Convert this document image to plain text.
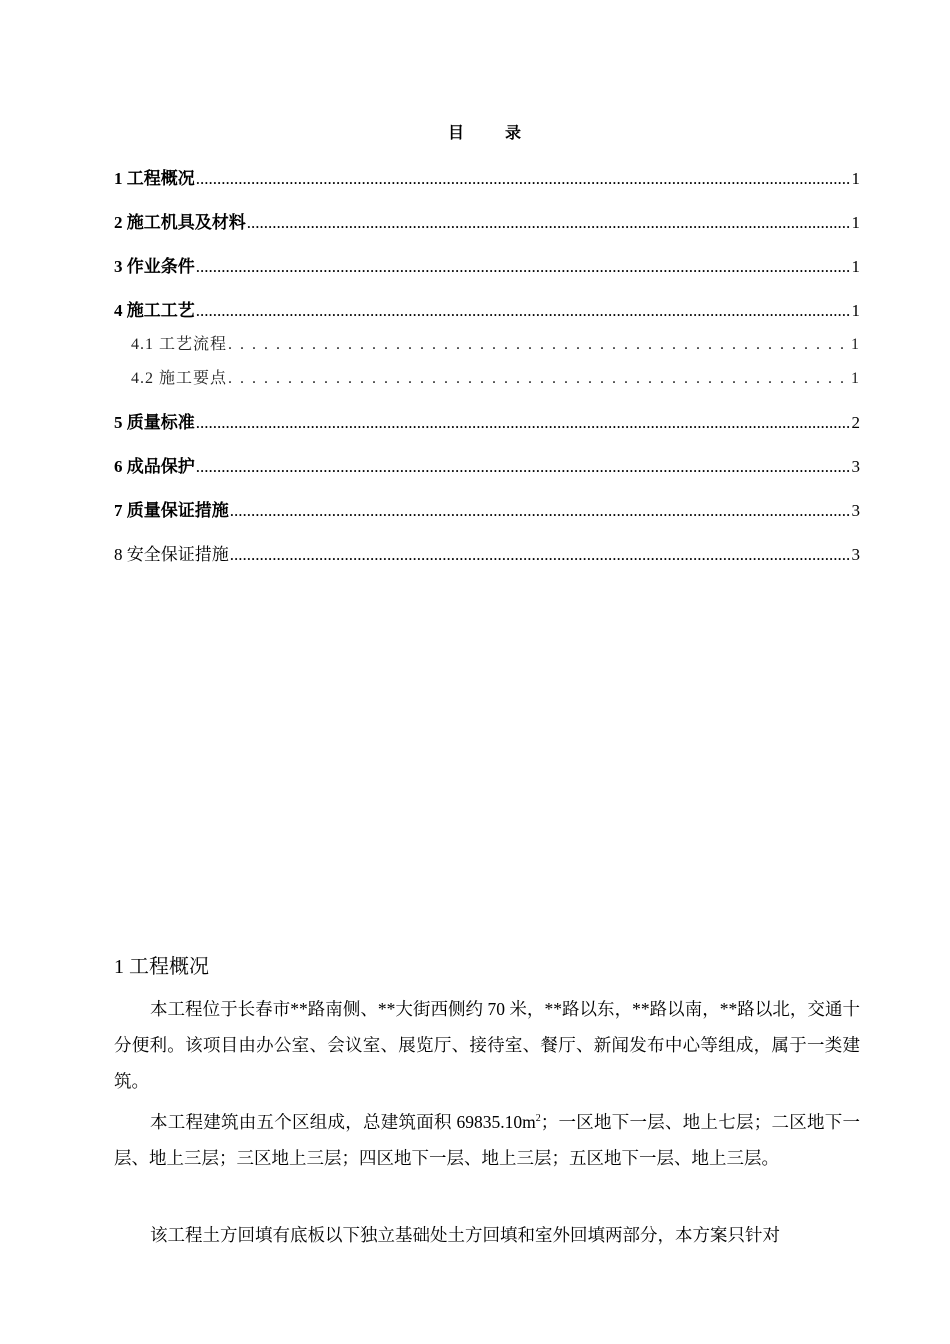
目	录
1 工程概况 .....	1
2 施工机具及材料 .....	1
3 作业条件 .....	1
4 施工工艺 .....	1
4.1 工艺流程 . . .	1
4.2 施工要点 . . .	1
5 质量标准 .....	2
6 成品保护 .....	3
7 质量保证措施 .....	3
8 安全保证措施 .....	3
1 工程概况

本工程位于长春市**路南侧、**大街西侧约 70 米，**路以东，**路以南，**路以北，交通十分便利。该项目由办公室、会议室、展览厅、接待室、餐厅、新闻发布中心等组成，属于一类建筑。

本工程建筑由五个区组成，总建筑面积 $69835.10m^2$；一区地下一层、地上七层；二区地下一层、地上三层；三区地上三层；四区地下一层、地上三层；五区地下一层、地上三层。

该工程土方回填有底板以下独立基础处土方回填和室外回填两部分，本方案只针对
